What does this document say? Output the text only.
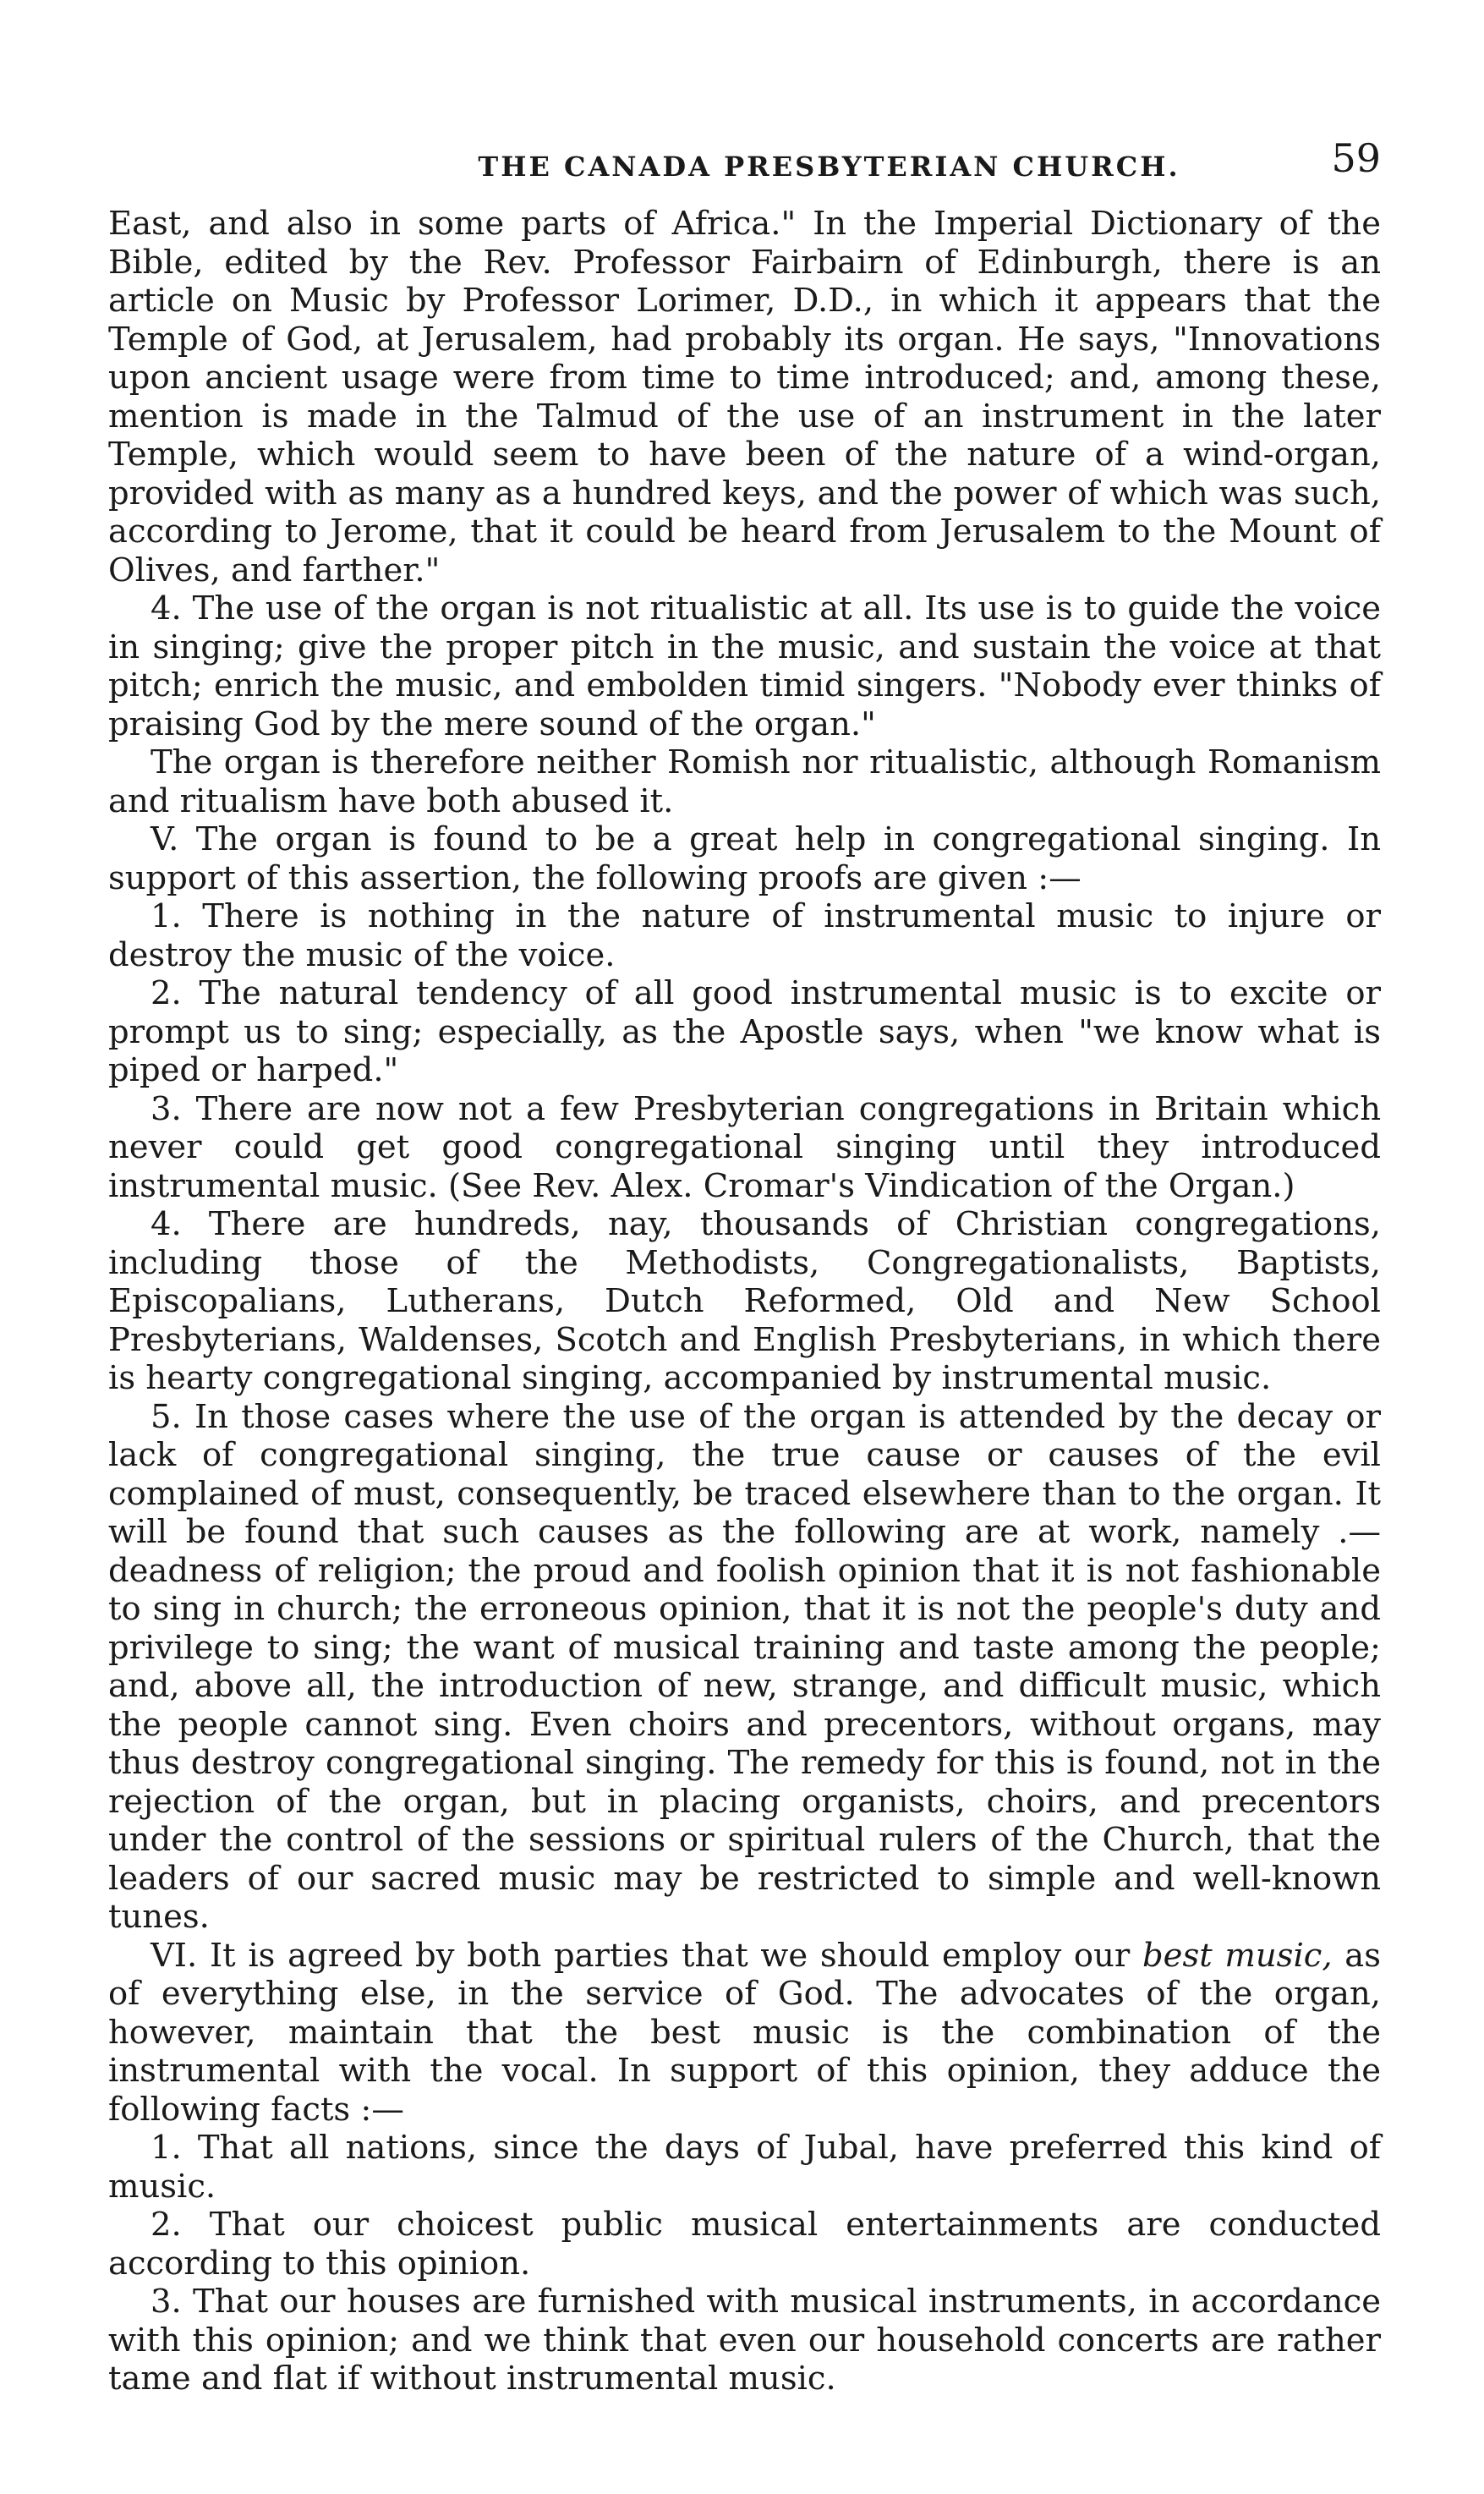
THE CANADA PRESBYTERIAN CHURCH.	59

East, and also in some parts of Africa." In the Imperial Dictionary of the Bible, edited by the Rev. Professor Fairbairn of Edinburgh, there is an article on Music by Professor Lorimer, D.D., in which it appears that the Temple of God, at Jerusalem, had probably its organ. He says, "Innovations upon ancient usage were from time to time introduced; and, among these, mention is made in the Talmud of the use of an instrument in the later Temple, which would seem to have been of the nature of a wind-organ, provided with as many as a hundred keys, and the power of which was such, according to Jerome, that it could be heard from Jerusalem to the Mount of Olives, and farther."

4. The use of the organ is not ritualistic at all. Its use is to guide the voice in singing; give the proper pitch in the music, and sustain the voice at that pitch; enrich the music, and embolden timid singers. "Nobody ever thinks of praising God by the mere sound of the organ."

The organ is therefore neither Romish nor ritualistic, although Romanism and ritualism have both abused it.

V. The organ is found to be a great help in congregational singing. In support of this assertion, the following proofs are given :—

1. There is nothing in the nature of instrumental music to injure or destroy the music of the voice.

2. The natural tendency of all good instrumental music is to excite or prompt us to sing; especially, as the Apostle says, when "we know what is piped or harped."

3. There are now not a few Presbyterian congregations in Britain which never could get good congregational singing until they introduced instrumental music. (See Rev. Alex. Cromar's Vindication of the Organ.)

4. There are hundreds, nay, thousands of Christian congregations, including those of the Methodists, Congregationalists, Baptists, Episcopalians, Lutherans, Dutch Reformed, Old and New School Presbyterians, Waldenses, Scotch and English Presbyterians, in which there is hearty congregational singing, accompanied by instrumental music.

5. In those cases where the use of the organ is attended by the decay or lack of congregational singing, the true cause or causes of the evil complained of must, consequently, be traced elsewhere than to the organ. It will be found that such causes as the following are at work, namely .—deadness of religion; the proud and foolish opinion that it is not fashionable to sing in church; the erroneous opinion, that it is not the people's duty and privilege to sing; the want of musical training and taste among the people; and, above all, the introduction of new, strange, and difficult music, which the people cannot sing. Even choirs and precentors, without organs, may thus destroy congregational singing. The remedy for this is found, not in the rejection of the organ, but in placing organists, choirs, and precentors under the control of the sessions or spiritual rulers of the Church, that the leaders of our sacred music may be restricted to simple and well-known tunes.

VI. It is agreed by both parties that we should employ our best music, as of everything else, in the service of God. The advocates of the organ, however, maintain that the best music is the combination of the instrumental with the vocal. In support of this opinion, they adduce the following facts :—

1. That all nations, since the days of Jubal, have preferred this kind of music.

2. That our choicest public musical entertainments are conducted according to this opinion.

3. That our houses are furnished with musical instruments, in accordance with this opinion; and we think that even our household concerts are rather tame and flat if without instrumental music.
